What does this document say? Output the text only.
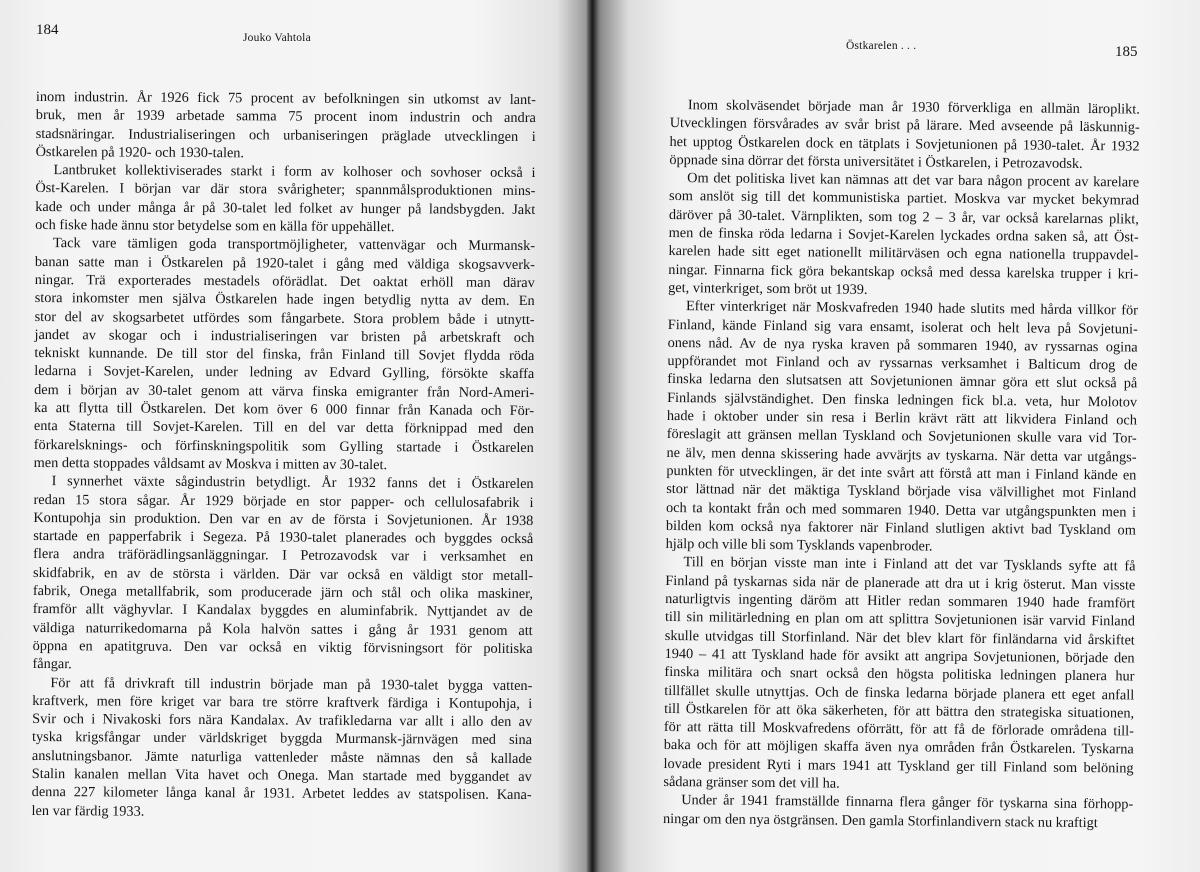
184	Jouko Vahtola
inom industrin. År 1926 fick 75 procent av befolkningen sin utkomst av lant-
bruk, men år 1939 arbetade samma 75 procent inom industrin och andra
stadsnäringar. Industrialiseringen och urbaniseringen präglade utvecklingen i
Östkarelen på 1920- och 1930-talen.
Lantbruket kollektiviserades starkt i form av kolhoser och sovhoser också i
Öst-Karelen. I början var där stora svårigheter; spannmålsproduktionen mins-
kade och under många år på 30-talet led folket av hunger på landsbygden. Jakt
och fiske hade ännu stor betydelse som en källa för uppehället.
Tack vare tämligen goda transportmöjligheter, vattenvägar och Murmansk-
banan satte man i Östkarelen på 1920-talet i gång med väldiga skogsavverk-
ningar. Trä exporterades mestadels oförädlat. Det oaktat erhöll man därav
stora inkomster men själva Östkarelen hade ingen betydlig nytta av dem. En
stor del av skogsarbetet utfördes som fångarbete. Stora problem både i utnytt-
jandet av skogar och i industrialiseringen var bristen på arbetskraft och
tekniskt kunnande. De till stor del finska, från Finland till Sovjet flydda röda
ledarna i Sovjet-Karelen, under ledning av Edvard Gylling, försökte skaffa
dem i början av 30-talet genom att värva finska emigranter från Nord-Ameri-
ka att flytta till Östkarelen. Det kom över 6 000 finnar från Kanada och För-
enta Staterna till Sovjet-Karelen. Till en del var detta förknippad med den
förkarelsknings- och förfinskningspolitik som Gylling startade i Östkarelen
men detta stoppades våldsamt av Moskva i mitten av 30-talet.
I synnerhet växte sågindustrin betydligt. År 1932 fanns det i Östkarelen
redan 15 stora sågar. År 1929 började en stor papper- och cellulosafabrik i
Kontupohja sin produktion. Den var en av de första i Sovjetunionen. År 1938
startade en papperfabrik i Segeza. På 1930-talet planerades och byggdes också
flera andra träförädlingsanläggningar. I Petrozavodsk var i verksamhet en
skidfabrik, en av de största i världen. Där var också en väldigt stor metall-
fabrik, Onega metallfabrik, som producerade järn och stål och olika maskiner,
framför allt väghyvlar. I Kandalax byggdes en aluminfabrik. Nyttjandet av de
väldiga naturrikedomarna på Kola halvön sattes i gång år 1931 genom att
öppna en apatitgruva. Den var också en viktig förvisningsort för politiska
fångar.
För att få drivkraft till industrin började man på 1930-talet bygga vatten-
kraftverk, men före kriget var bara tre större kraftverk färdiga i Kontupohja, i
Svir och i Nivakoski fors nära Kandalax. Av trafikledarna var allt i allo den av
tyska krigsfångar under världskriget byggda Murmansk-järnvägen med sina
anslutningsbanor. Jämte naturliga vattenleder måste nämnas den så kallade
Stalin kanalen mellan Vita havet och Onega. Man startade med byggandet av
denna 227 kilometer långa kanal år 1931. Arbetet leddes av statspolisen. Kana-
len var färdig 1933.
Östkarelen . . .	185
Inom skolväsendet började man år 1930 förverkliga en allmän läroplikt.
Utvecklingen försvårades av svår brist på lärare. Med avseende på läskunnig-
het upptog Östkarelen dock en tätplats i Sovjetunionen på 1930-talet. År 1932
öppnade sina dörrar det första universitätet i Östkarelen, i Petrozavodsk.
Om det politiska livet kan nämnas att det var bara någon procent av karelare
som anslöt sig till det kommunistiska partiet. Moskva var mycket bekymrad
däröver på 30-talet. Värnplikten, som tog 2 – 3 år, var också karelarnas plikt,
men de finska röda ledarna i Sovjet-Karelen lyckades ordna saken så, att Öst-
karelen hade sitt eget nationellt militärväsen och egna nationella truppavdel-
ningar. Finnarna fick göra bekantskap också med dessa karelska trupper i kri-
get, vinterkriget, som bröt ut 1939.
Efter vinterkriget när Moskvafreden 1940 hade slutits med hårda villkor för
Finland, kände Finland sig vara ensamt, isolerat och helt leva på Sovjetuni-
onens nåd. Av de nya ryska kraven på sommaren 1940, av ryssarnas ogina
uppförandet mot Finland och av ryssarnas verksamhet i Balticum drog de
finska ledarna den slutsatsen att Sovjetunionen ämnar göra ett slut också på
Finlands självständighet. Den finska ledningen fick bl.a. veta, hur Molotov
hade i oktober under sin resa i Berlin krävt rätt att likvidera Finland och
föreslagit att gränsen mellan Tyskland och Sovjetunionen skulle vara vid Tor-
ne älv, men denna skissering hade avvärjts av tyskarna. När detta var utgångs-
punkten för utvecklingen, är det inte svårt att förstå att man i Finland kände en
stor lättnad när det mäktiga Tyskland började visa välvillighet mot Finland
och ta kontakt från och med sommaren 1940. Detta var utgångspunkten men i
bilden kom också nya faktorer när Finland slutligen aktivt bad Tyskland om
hjälp och ville bli som Tysklands vapenbroder.
Till en början visste man inte i Finland att det var Tysklands syfte att få
Finland på tyskarnas sida när de planerade att dra ut i krig österut. Man visste
naturligtvis ingenting däröm att Hitler redan sommaren 1940 hade framfört
till sin militärledning en plan om att splittra Sovjetunionen isär varvid Finland
skulle utvidgas till Storfinland. När det blev klart för finländarna vid årskiftet
1940 – 41 att Tyskland hade för avsikt att angripa Sovjetunionen, började den
finska militära och snart också den högsta politiska ledningen planera hur
tillfället skulle utnyttjas. Och de finska ledarna började planera ett eget anfall
till Östkarelen för att öka säkerheten, för att bättra den strategiska situationen,
för att rätta till Moskvafredens oförrätt, för att få de förlorade områdena till-
baka och för att möjligen skaffa även nya områden från Östkarelen. Tyskarna
lovade president Ryti i mars 1941 att Tyskland ger till Finland som belöning
sådana gränser som det vill ha.
Under år 1941 framställde finnarna flera gånger för tyskarna sina förhopp-
ningar om den nya östgränsen. Den gamla Storfinlandivern stack nu kraftigt
